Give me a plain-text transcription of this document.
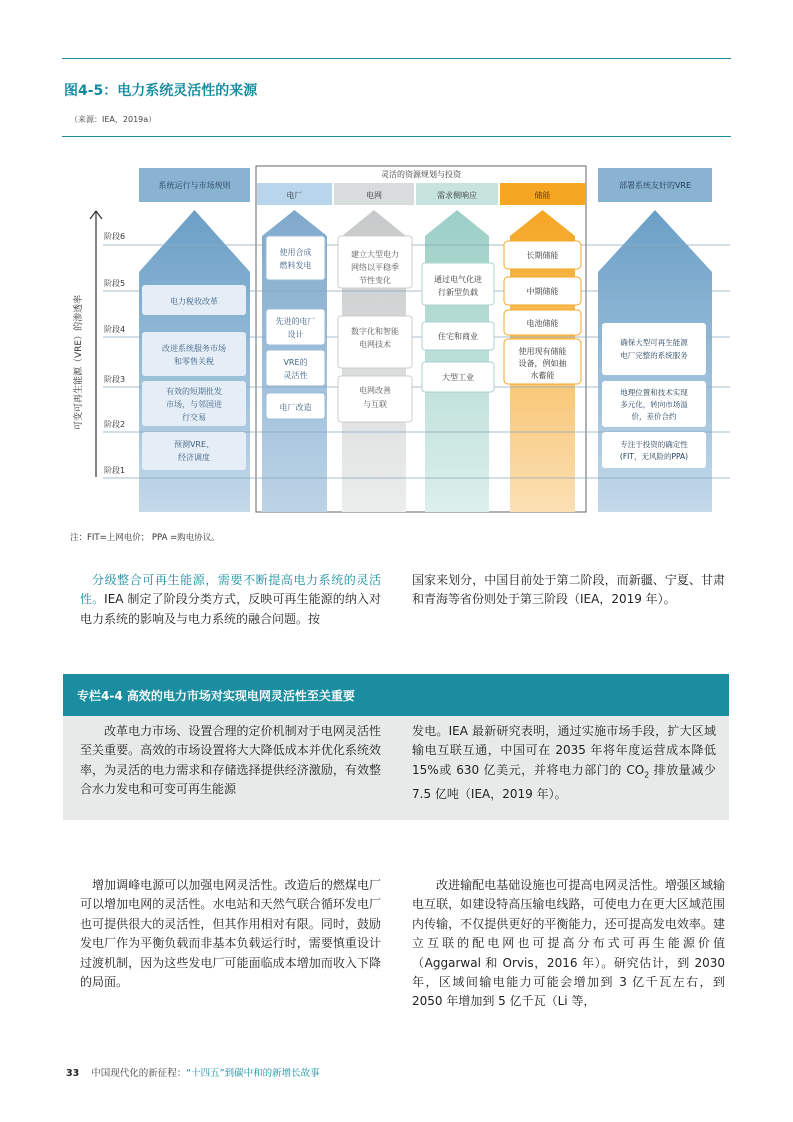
图4-5：电力系统灵活性的来源
（来源：IEA，2019a）
可变可再生能源（VRE）的渗透率
系统运行与市场规则	部署系统友好的VRE
灵活的资源规划与投资
电厂	电网	需求侧响应	储能
阶段6
阶段5
阶段4
阶段3
阶段2
阶段1
电力税收改革
改进系统服务市场
和零售关税
有效的短期批发
市场，与邻国进
行交易
预测VRE、
经济调度
使用合成
燃料发电
先进的电厂
设计
VRE的
灵活性
电厂改造
建立大型电力
网络以平稳季
节性变化
数字化和智能
电网技术
电网改善
与互联
通过电气化进
行新型负载
住宅和商业
大型工业
长期储能
中期储能
电池储能
使用现有储能
设备，例如抽
水蓄能
确保大型可再生能源
电厂完整的系统服务
地理位置和技术实现
多元化，转向市场溢
价，差价合约
专注于投资的确定性
(FIT，无风险的PPA)
注：FIT=上网电价； PPA =购电协议。
分级整合可再生能源，需要不断提高电力系统的灵活性。IEA 制定了阶段分类方式，反映可再生能源的纳入对电力系统的影响及与电力系统的融合问题。按
国家来划分，中国目前处于第二阶段，而新疆、宁夏、甘肃和青海等省份则处于第三阶段（IEA，2019 年）。
专栏4-4 高效的电力市场对实现电网灵活性至关重要
改革电力市场、设置合理的定价机制对于电网灵活性至关重要。高效的市场设置将大大降低成本并优化系统效率，为灵活的电力需求和存储选择提供经济激励，有效整合水力发电和可变可再生能源
发电。IEA 最新研究表明，通过实施市场手段，扩大区域输电互联互通，中国可在 2035 年将年度运营成本降低 15%或 630 亿美元，并将电力部门的 $CO_2$ 排放量减少 7.5 亿吨（IEA，2019 年）。
增加调峰电源可以加强电网灵活性。改造后的燃煤电厂可以增加电网的灵活性。水电站和天然气联合循环发电厂也可提供很大的灵活性，但其作用相对有限。同时，鼓励发电厂作为平衡负载而非基本负载运行时，需要慎重设计过渡机制，因为这些发电厂可能面临成本增加而收入下降的局面。
改进输配电基础设施也可提高电网灵活性。增强区域输电互联，如建设特高压输电线路，可使电力在更大区域范围内传输，不仅提供更好的平衡能力，还可提高发电效率。建立互联的配电网也可提高分布式可再生能源价值（Aggarwal 和 Orvis，2016 年）。研究估计，到 2030 年，区域间输电能力可能会增加到 3 亿千瓦左右，到 2050 年增加到 5 亿千瓦（Li 等，
33 中国现代化的新征程：“十四五”到碳中和的新增长故事
